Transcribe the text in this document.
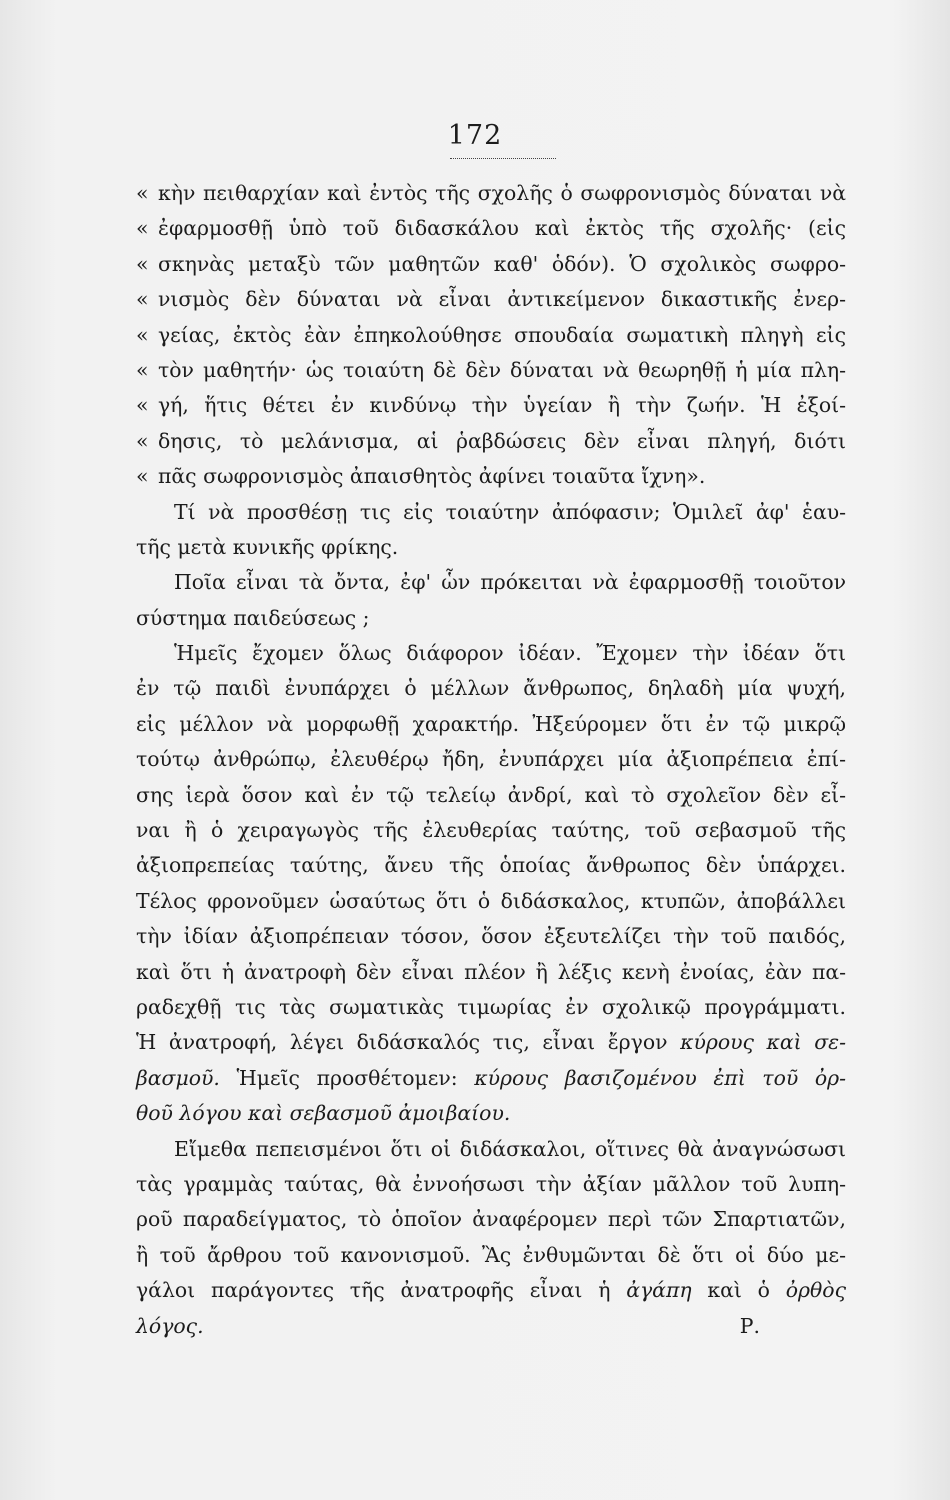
172
« κὴν πειθαρχίαν καὶ ἐντὸς τῆς σχολῆς ὁ σωφρονισμὸς δύναται νὰ
« ἐφαρμοσθῇ ὑπὸ τοῦ διδασκάλου καὶ ἐκτὸς τῆς σχολῆς· (εἰς
« σκηνὰς μεταξὺ τῶν μαθητῶν καθ' ὁδόν). Ὁ σχολικὸς σωφρο-
« νισμὸς δὲν δύναται νὰ εἶναι ἀντικείμενον δικαστικῆς ἐνερ-
« γείας, ἐκτὸς ἐὰν ἐπηκολούθησε σπουδαία σωματικὴ πληγὴ εἰς
« τὸν μαθητήν· ὡς τοιαύτη δὲ δὲν δύναται νὰ θεωρηθῇ ἡ μία πλη-
« γή, ἥτις θέτει ἐν κινδύνῳ τὴν ὑγείαν ἢ τὴν ζωήν. Ἡ ἐξοί-
« δησις, τὸ μελάνισμα, αἱ ῥαβδώσεις δὲν εἶναι πληγή, διότι
« πᾶς σωφρονισμὸς ἀπαισθητὸς ἀφίνει τοιαῦτα ἴχνη».
Τί νὰ προσθέσῃ τις εἰς τοιαύτην ἀπόφασιν; Ὁμιλεῖ ἀφ' ἑαυ-
τῆς μετὰ κυνικῆς φρίκης.
Ποῖα εἶναι τὰ ὄντα, ἐφ' ὧν πρόκειται νὰ ἐφαρμοσθῇ τοιοῦτον
σύστημα παιδεύσεως ;
Ἡμεῖς ἔχομεν ὅλως διάφορον ἰδέαν. Ἔχομεν τὴν ἰδέαν ὅτι
ἐν τῷ παιδὶ ἐνυπάρχει ὁ μέλλων ἄνθρωπος, δηλαδὴ μία ψυχή,
εἰς μέλλον νὰ μορφωθῇ χαρακτήρ. Ἠξεύρομεν ὅτι ἐν τῷ μικρῷ
τούτῳ ἀνθρώπῳ, ἐλευθέρῳ ἤδη, ἐνυπάρχει μία ἀξιοπρέπεια ἐπί-
σης ἱερὰ ὅσον καὶ ἐν τῷ τελείῳ ἀνδρί, καὶ τὸ σχολεῖον δὲν εἶ-
ναι ἢ ὁ χειραγωγὸς τῆς ἐλευθερίας ταύτης, τοῦ σεβασμοῦ τῆς
ἀξιοπρεπείας ταύτης, ἄνευ τῆς ὁποίας ἄνθρωπος δὲν ὑπάρχει.
Τέλος φρονοῦμεν ὡσαύτως ὅτι ὁ διδάσκαλος, κτυπῶν, ἀποβάλλει
τὴν ἰδίαν ἀξιοπρέπειαν τόσον, ὅσον ἐξευτελίζει τὴν τοῦ παιδός,
καὶ ὅτι ἡ ἀνατροφὴ δὲν εἶναι πλέον ἢ λέξις κενὴ ἐνοίας, ἐὰν πα-
ραδεχθῇ τις τὰς σωματικὰς τιμωρίας ἐν σχολικῷ προγράμματι.
Ἡ ἀνατροφή, λέγει διδάσκαλός τις, εἶναι ἔργον κύρους καὶ σε-
βασμοῦ. Ἡμεῖς προσθέτομεν: κύρους βασιζομένου ἐπὶ τοῦ ὀρ-
θοῦ λόγου καὶ σεβασμοῦ ἀμοιβαίου.
Εἴμεθα πεπεισμένοι ὅτι οἱ διδάσκαλοι, οἵτινες θὰ ἀναγνώσωσι
τὰς γραμμὰς ταύτας, θὰ ἐννοήσωσι τὴν ἀξίαν μᾶλλον τοῦ λυπη-
ροῦ παραδείγματος, τὸ ὁποῖον ἀναφέρομεν περὶ τῶν Σπαρτιατῶν,
ἢ τοῦ ἄρθρου τοῦ κανονισμοῦ. Ἂς ἐνθυμῶνται δὲ ὅτι οἱ δύο με-
γάλοι παράγοντες τῆς ἀνατροφῆς εἶναι ἡ ἀγάπη καὶ ὁ ὀρθὸς
λόγος.	Ρ.
